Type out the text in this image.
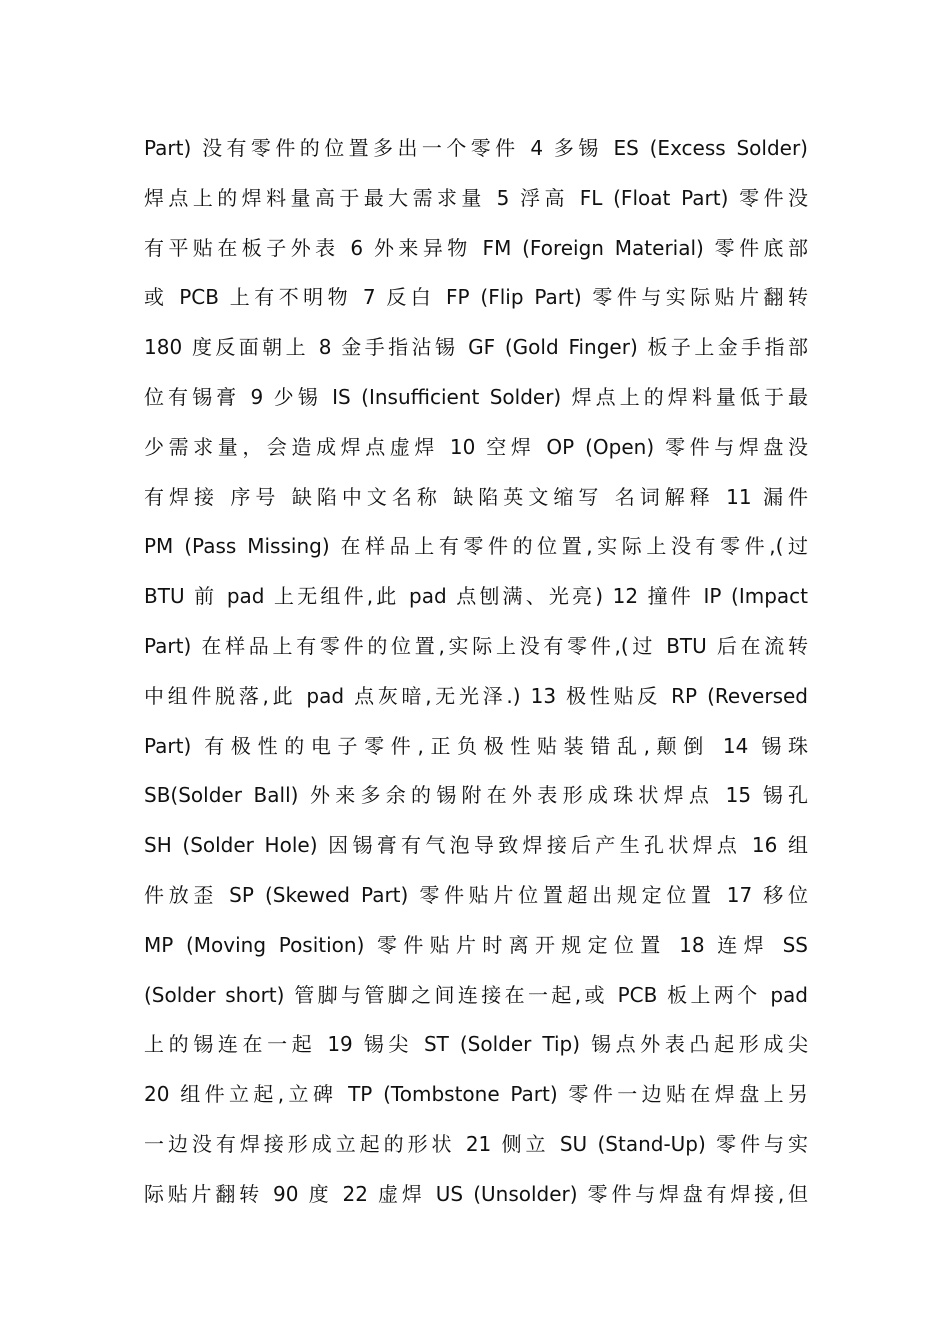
Part) 没有零件的位置多出一个零件 4 多锡 ES (Excess Solder)
焊点上的焊料量高于最大需求量 5 浮高 FL (Float Part) 零件没
有平贴在板子外表 6 外来异物 FM (Foreign Material) 零件底部
或 PCB 上有不明物 7 反白 FP (Flip Part) 零件与实际贴片翻转
180 度反面朝上 8 金手指沾锡 GF (Gold Finger) 板子上金手指部
位有锡膏 9 少锡 IS (Insufficient Solder) 焊点上的焊料量低于最
少需求量，会造成焊点虚焊 10 空焊 OP (Open) 零件与焊盘没
有焊接 序号 缺陷中文名称 缺陷英文缩写 名词解释 11 漏件
PM (Pass Missing) 在样品上有零件的位置,实际上没有零件,(过
BTU 前 pad 上无组件,此 pad 点刨满、光亮) 12 撞件 IP (Impact
Part) 在样品上有零件的位置,实际上没有零件,(过 BTU 后在流转
中组件脱落,此 pad 点灰暗,无光泽.) 13 极性贴反 RP (Reversed
Part) 有极性的电子零件,正负极性贴装错乱,颠倒 14 锡珠
SB(Solder Ball) 外来多余的锡附在外表形成珠状焊点 15 锡孔
SH (Solder Hole) 因锡膏有气泡导致焊接后产生孔状焊点 16 组
件放歪 SP (Skewed Part) 零件贴片位置超出规定位置 17 移位
MP (Moving Position) 零件贴片时离开规定位置 18 连焊 SS
(Solder short) 管脚与管脚之间连接在一起,或 PCB 板上两个 pad
上的锡连在一起 19 锡尖 ST (Solder Tip) 锡点外表凸起形成尖
20 组件立起,立碑 TP (Tombstone Part) 零件一边贴在焊盘上另
一边没有焊接形成立起的形状 21 侧立 SU (Stand-Up) 零件与实
际贴片翻转 90 度 22 虚焊 US (Unsolder) 零件与焊盘有焊接,但
